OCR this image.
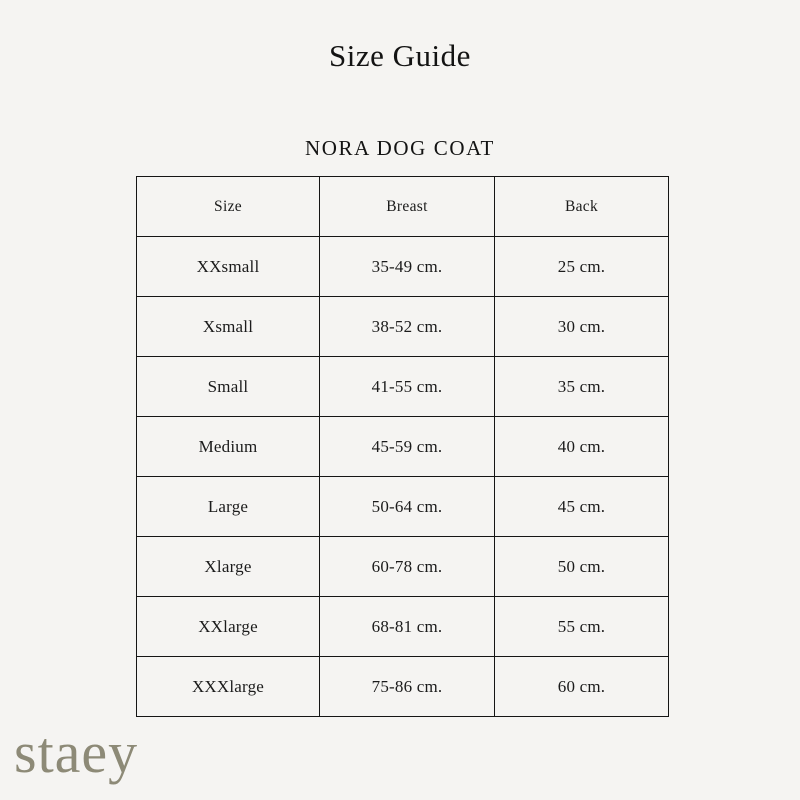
Size Guide
NORA DOG COAT
Size	Breast	Back
XXsmall	35-49 cm.	25 cm.
Xsmall	38-52 cm.	30 cm.
Small	41-55 cm.	35 cm.
Medium	45-59 cm.	40 cm.
Large	50-64 cm.	45 cm.
Xlarge	60-78 cm.	50 cm.
XXlarge	68-81 cm.	55 cm.
XXXlarge	75-86 cm.	60 cm.
staey
